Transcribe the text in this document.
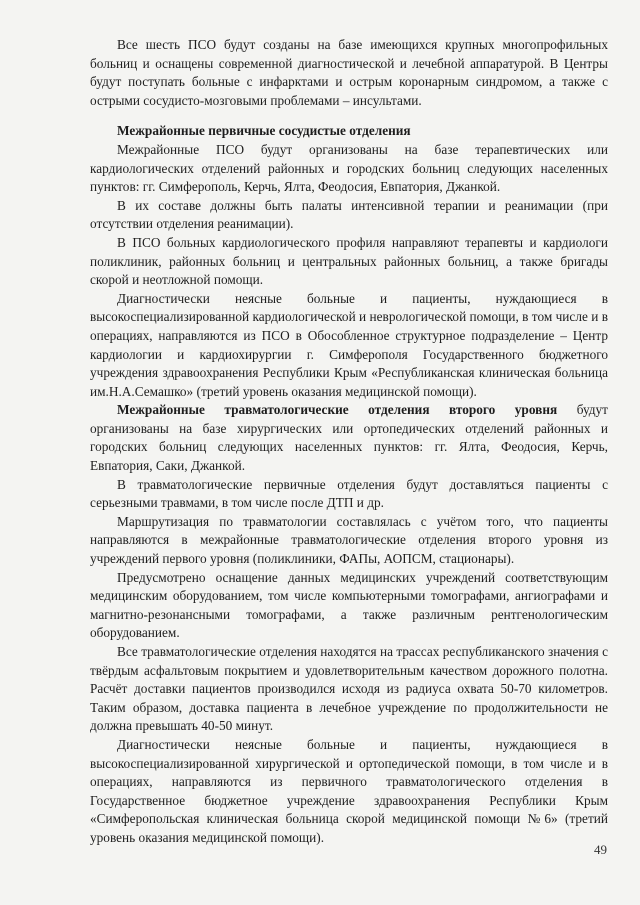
Все шесть ПСО будут созданы на базе имеющихся крупных многопрофильных больниц и оснащены современной диагностической и лечебной аппаратурой. В Центры будут поступать больные с инфарктами и острым коронарным синдромом, а также с острыми сосудисто-мозговыми проблемами – инсультами.

Межрайонные первичные сосудистые отделения

Межрайонные ПСО будут организованы на базе терапевтических или кардиологических отделений районных и городских больниц следующих населенных пунктов: гг. Симферополь, Керчь, Ялта, Феодосия, Евпатория, Джанкой.

В их составе должны быть палаты интенсивной терапии и реанимации (при отсутствии отделения реанимации).

В ПСО больных кардиологического профиля направляют терапевты и кардиологи поликлиник, районных больниц и центральных районных больниц, а также бригады скорой и неотложной помощи.

Диагностически неясные больные и пациенты, нуждающиеся в высокоспециализированной кардиологической и неврологической помощи, в том числе и в операциях, направляются из ПСО в Обособленное структурное подразделение – Центр кардиологии и кардиохирургии г. Симферополя Государственного бюджетного учреждения здравоохранения Республики Крым «Республиканская клиническая больница им.Н.А.Семашко» (третий уровень оказания медицинской помощи).

Межрайонные травматологические отделения второго уровня будут организованы на базе хирургических или ортопедических отделений районных и городских больниц следующих населенных пунктов: гг. Ялта, Феодосия, Керчь, Евпатория, Саки, Джанкой.

В травматологические первичные отделения будут доставляться пациенты с серьезными травмами, в том числе после ДТП и др.

Маршрутизация по травматологии составлялась с учётом того, что пациенты направляются в межрайонные травматологические отделения второго уровня из учреждений первого уровня (поликлиники, ФАПы, АОПСМ, стационары).

Предусмотрено оснащение данных медицинских учреждений соответствующим медицинским оборудованием, том числе компьютерными томографами, ангиографами и магнитно-резонансными томографами, а также различным рентгенологическим оборудованием.

Все травматологические отделения находятся на трассах республиканского значения с твёрдым асфальтовым покрытием и удовлетворительным качеством дорожного полотна. Расчёт доставки пациентов производился исходя из радиуса охвата 50-70 километров. Таким образом, доставка пациента в лечебное учреждение по продолжительности не должна превышать 40-50 минут.

Диагностически неясные больные и пациенты, нуждающиеся в высокоспециализированной хирургической и ортопедической помощи, в том числе и в операциях, направляются из первичного травматологического отделения в Государственное бюджетное учреждение здравоохранения Республики Крым «Симферопольская клиническая больница скорой медицинской помощи №6» (третий уровень оказания медицинской помощи).

49
